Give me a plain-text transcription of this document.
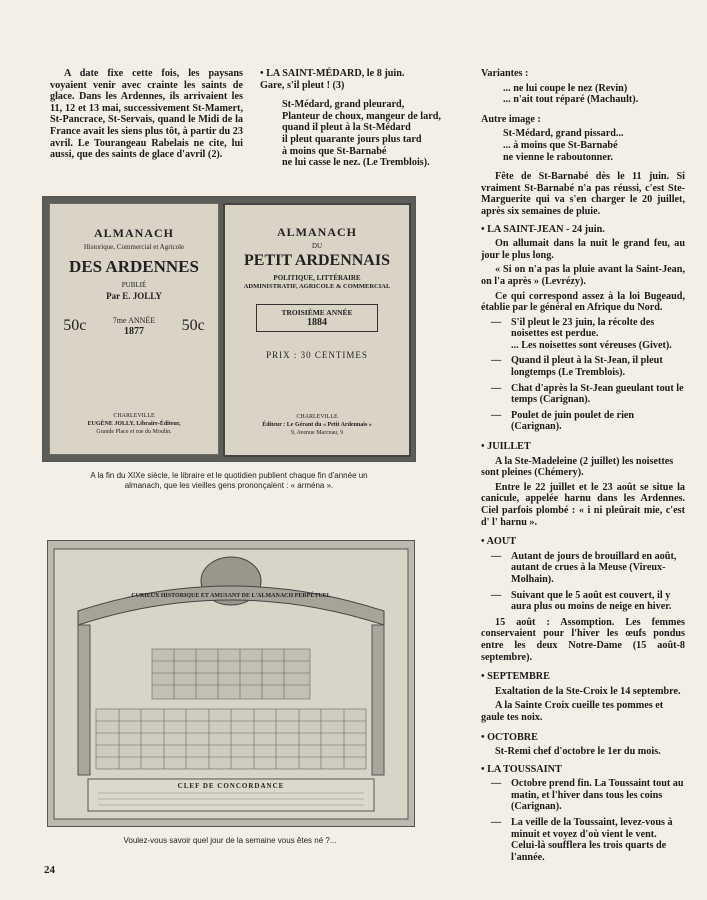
A date fixe cette fois, les paysans voyaient venir avec crainte les saints de glace. Dans les Ardennes, ils arrivaient les 11, 12 et 13 mai, successivement St-Mamert, St-Pancrace, St-Servais, quand le Midi de la France avait les siens plus tôt, à partir du 23 avril. Le Tourangeau Rabelais ne cite, lui aussi, que des saints de glace d'avril (2).

• LA SAINT-MÉDARD, le 8 juin.

Gare, s'il pleut ! (3)

St-Médard, grand pleurard,
Planteur de choux, mangeur de lard,
quand il pleut à la St-Médard
il pleut quarante jours plus tard
à moins que St-Barnabé
ne lui casse le nez. (Le Tremblois).
ALMANACH
Historique, Commercial et Agricole
DES ARDENNES
PUBLIÉ
Par E. JOLLY
50c	7me ANNÉE
1877	50c
CHARLEVILLE
EUGÈNE JOLLY, Libraire-Éditeur,
Grande Place et rue du Moulin.
ALMANACH
DU
PETIT ARDENNAIS
POLITIQUE, LITTÉRAIRE
ADMINISTRATIF, AGRICOLE & COMMERCIAL
TROISIÈME ANNÉE
1884
PRIX : 30 CENTIMES
CHARLEVILLE
Éditeur : Le Gérant du « Petit Ardennais »
9, Avenue Marceau, 9
A la fin du XIXe siècle, le libraire et le quotidien publient chaque fin d'année un almanach, que les vieilles gens prononçaient : « arména ».
CURIEUX HISTORIQUE ET AMUSANT DE L'ALMANACH PERPÉTUEL
CLEF DE CONCORDANCE
Voulez-vous savoir quel jour de la semaine vous êtes né ?...

Variantes :

... ne lui coupe le nez (Revin)

... n'ait tout réparé (Machault).

Autre image :

St-Médard, grand pissard...
... à moins que St-Barnabé
ne vienne le raboutonner.

Fête de St-Barnabé dès le 11 juin. Si vraiment St-Barnabé n'a pas réussi, c'est Ste-Marguerite qui va s'en charger le 20 juillet, après six semaines de pluie.

• LA SAINT-JEAN - 24 juin.

On allumait dans la nuit le grand feu, au jour le plus long.

« Si on n'a pas la pluie avant la Saint-Jean, on l'a après » (Levrézy).

Ce qui correspond assez à la loi Bugeaud, établie par le général en Afrique du Nord.

— S'il pleut le 23 juin, la récolte des noisettes est perdue.
... Les noisettes sont véreuses (Givet).
— Quand il pleut à la St-Jean, il pleut longtemps (Le Tremblois).
— Chat d'après la St-Jean gueulant tout le temps (Carignan).
— Poulet de juin poulet de rien (Carignan).

• JUILLET

A la Ste-Madeleine (2 juillet) les noisettes sont pleines (Chémery).

Entre le 22 juillet et le 23 août se situe la canicule, appelée harnu dans les Ardennes. Ciel parfois plombé : « i ni pleûrait mie, c'est d' l' harnu ».

• AOUT

— Autant de jours de brouillard en août, autant de crues à la Meuse (Vireux-Molhain).
— Suivant que le 5 août est couvert, il y aura plus ou moins de neige en hiver.

15 août : Assomption. Les femmes conservaient pour l'hiver les œufs pondus entre les deux Notre-Dame (15 août-8 septembre).

• SEPTEMBRE

Exaltation de la Ste-Croix le 14 septembre.

A la Sainte Croix cueille tes pommes et gaule tes noix.

• OCTOBRE

St-Remi chef d'octobre le 1er du mois.

• LA TOUSSAINT

— Octobre prend fin. La Toussaint tout au matin, et l'hiver dans tous les coins (Carignan).
— La veille de la Toussaint, levez-vous à minuit et voyez d'où vient le vent. Celui-là soufflera les trois quarts de l'année.
24
